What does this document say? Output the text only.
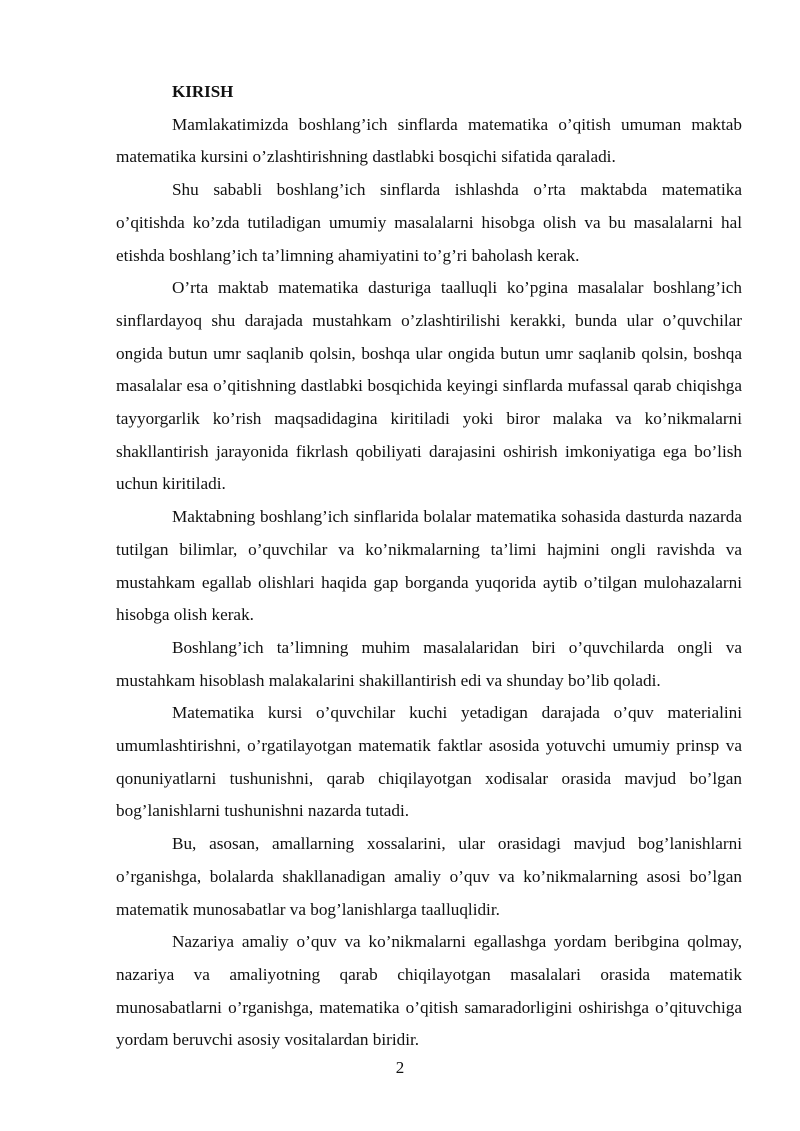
KIRISH

Mamlakatimizda boshlang’ich sinflarda matematika o’qitish umuman maktab matematika kursini o’zlashtirishning dastlabki bosqichi sifatida qaraladi.

Shu sababli boshlang’ich sinflarda ishlashda o’rta maktabda matematika o’qitishda ko’zda tutiladigan umumiy masalalarni hisobga olish va bu masalalarni hal etishda boshlang’ich ta’limning ahamiyatini to’g’ri baholash kerak.

O’rta maktab matematika dasturiga taalluqli ko’pgina masalalar boshlang’ich sinflardayoq shu darajada mustahkam o’zlashtirilishi kerakki, bunda ular o’quvchilar ongida butun umr saqlanib qolsin, boshqa ular ongida butun umr saqlanib qolsin, boshqa masalalar esa o’qitishning dastlabki bosqichida keyingi sinflarda mufassal qarab chiqishga tayyorgarlik ko’rish maqsadidagina kiritiladi yoki biror malaka va ko’nikmalarni shakllantirish jarayonida fikrlash qobiliyati darajasini oshirish imkoniyatiga ega bo’lish uchun kiritiladi.

Maktabning boshlang’ich sinflarida bolalar matematika sohasida dasturda nazarda tutilgan bilimlar, o’quvchilar va ko’nikmalarning ta’limi hajmini ongli ravishda va mustahkam egallab olishlari haqida gap borganda yuqorida aytib o’tilgan mulohazalarni hisobga olish kerak.

Boshlang’ich ta’limning muhim masalalaridan biri o’quvchilarda ongli va mustahkam hisoblash malakalarini shakillantirish edi va shunday bo’lib qoladi.

Matematika kursi o’quvchilar kuchi yetadigan darajada o’quv materialini umumlashtirishni, o’rgatilayotgan matematik faktlar asosida yotuvchi umumiy prinsp va qonuniyatlarni tushunishni, qarab chiqilayotgan xodisalar orasida mavjud bo’lgan bog’lanishlarni tushunishni nazarda tutadi.

Bu, asosan, amallarning xossalarini, ular orasidagi mavjud bog’lanishlarni o’rganishga, bolalarda shakllanadigan amaliy o’quv va ko’nikmalarning asosi bo’lgan matematik munosabatlar va bog’lanishlarga taalluqlidir.

Nazariya amaliy o’quv va ko’nikmalarni egallashga yordam beribgina qolmay, nazariya va amaliyotning qarab chiqilayotgan masalalari orasida matematik munosabatlarni o’rganishga, matematika o’qitish samaradorligini oshirishga o’qituvchiga yordam beruvchi asosiy vositalardan biridir.

2
